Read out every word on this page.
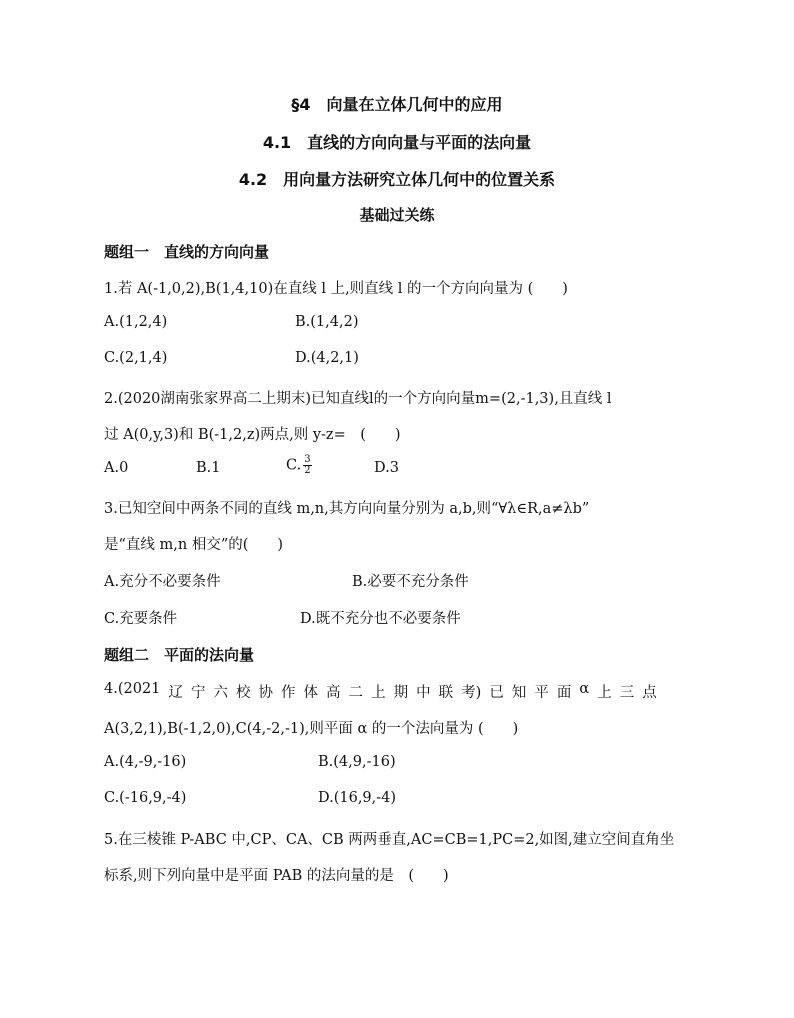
§4　向量在立体几何中的应用
4.1　直线的方向向量与平面的法向量
4.2　用向量方法研究立体几何中的位置关系
基础过关练
题组一　直线的方向向量
1.若 A(-1,0,2),B(1,4,10)在直线 l 上,则直线 l 的一个方向向量为 (　　)
A.(1,2,4)	B.(1,4,2)
C.(2,1,4)	D.(4,2,1)
2.(2020湖南张家界高二上期末)已知直线l的一个方向向量m=(2,-1,3),且直线 l
过 A(0,y,3)和 B(-1,2,z)两点,则 y-z=　(　　)
A.0	B.1	C. $\frac{3}{2}$	D.3
3.已知空间中两条不同的直线 m,n,其方向向量分别为 a,b,则“∀λ∈R,a≠λb”
是“直线 m,n 相交”的(　　)
A.充分不必要条件	B.必要不充分条件
C.充要条件	D.既不充分也不必要条件
题组二　平面的法向量
4.(2021 辽 宁 六 校 协 作 体 高 二 上 期 中 联 考) 已 知 平 面 α 上 三 点
A(3,2,1),B(-1,2,0),C(4,-2,-1),则平面 α 的一个法向量为 (　　)
A.(4,-9,-16)	B.(4,9,-16)
C.(-16,9,-4)	D.(16,9,-4)
5.在三棱锥 P-ABC 中,CP、CA、CB 两两垂直,AC=CB=1,PC=2,如图,建立空间直角坐
标系,则下列向量中是平面 PAB 的法向量的是　(　　)
